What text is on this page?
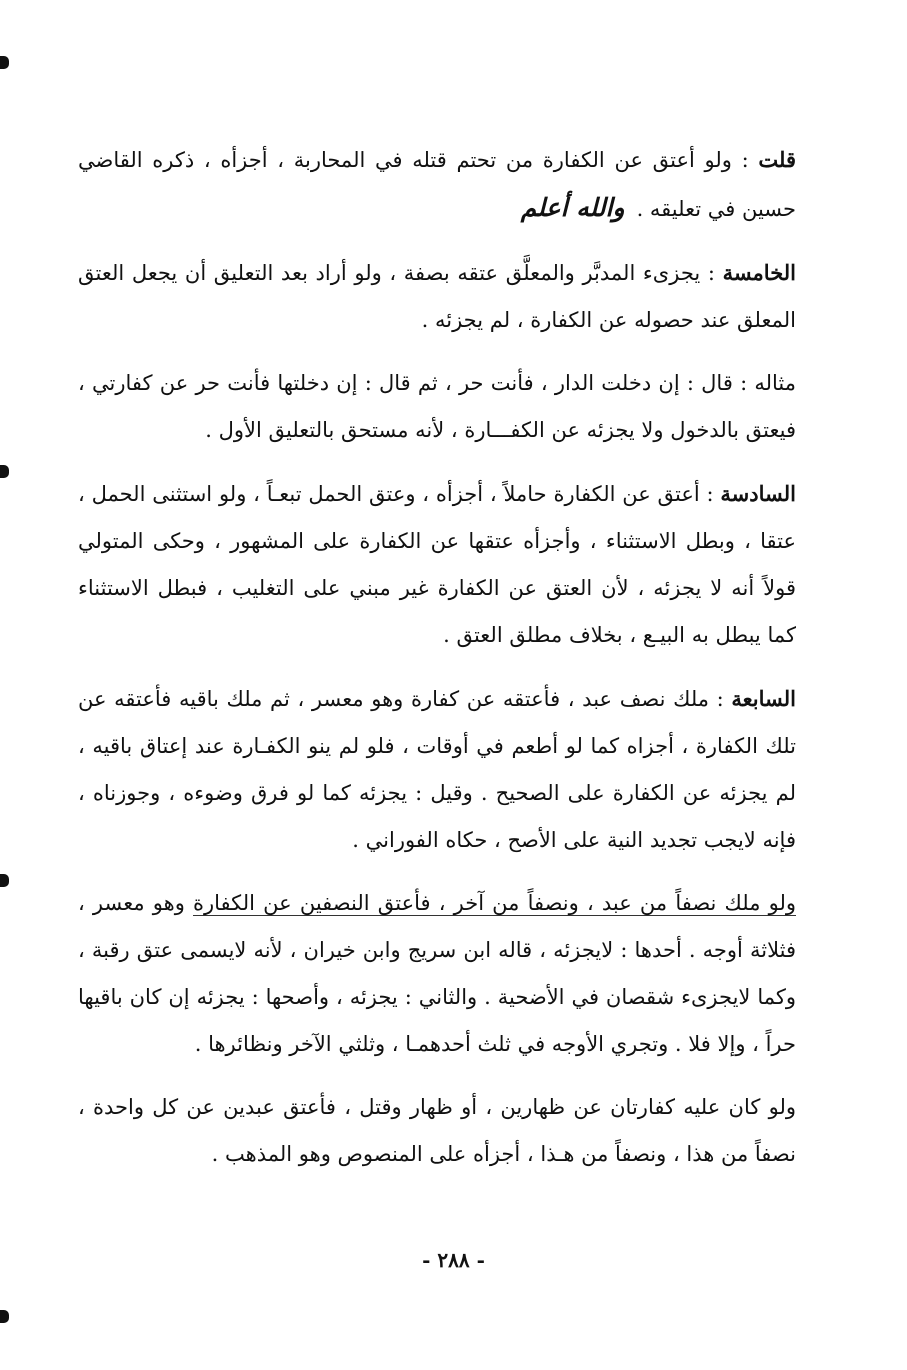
قلت : ولو أعتق عن الكفارة من تحتم قتله في المحاربة ، أجزأه ، ذكره القاضي حسين في تعليقه .والله أعلم

الخامسة : يجزىء المدبَّر والمعلَّق عتقه بصفة ، ولو أراد بعد التعليق أن يجعل العتق المعلق عند حصوله عن الكفارة ، لم يجزئه .

مثاله : قال : إن دخلت الدار ، فأنت حر ، ثم قال : إن دخلتها فأنت حر عن كفارتي ، فيعتق بالدخول ولا يجزئه عن الكفـــارة ، لأنه مستحق بالتعليق الأول .

السادسة : أعتق عن الكفارة حاملاً ، أجزأه ، وعتق الحمل تبعـاً ، ولو استثنى الحمل ، عتقا ، وبطل الاستثناء ، وأجزأه عتقها عن الكفارة على المشهور ، وحكى المتولي قولاً أنه لا يجزئه ، لأن العتق عن الكفارة غير مبني على التغليب ، فبطل الاستثناء كما يبطل به البيـع ، بخلاف مطلق العتق .

السابعة : ملك نصف عبد ، فأعتقه عن كفارة وهو معسر ، ثم ملك باقيه فأعتقه عن تلك الكفارة ، أجزاه كما لو أطعم في أوقات ، فلو لم ينو الكفـارة عند إعتاق باقيه ، لم يجزئه عن الكفارة على الصحيح . وقيل : يجزئه كما لو فرق وضوءه ، وجوزناه ، فإنه لايجب تجديد النية على الأصح ، حكاه الفوراني .

ولو ملك نصفاً من عبد ، ونصفاً من آخر ، فأعتق النصفين عن الكفارة وهو معسر ، فثلاثة أوجه . أحدها : لايجزئه ، قاله ابن سريج وابن خيران ، لأنه لايسمى عتق رقبة ، وكما لايجزىء شقصان في الأضحية . والثاني : يجزئه ، وأصحها : يجزئه إن كان باقيها حراً ، وإلا فلا . وتجري الأوجه في ثلث أحدهمـا ، وثلثي الآخر ونظائرها .

ولو كان عليه كفارتان عن ظهارين ، أو ظهار وقتل ، فأعتق عبدين عن كل واحدة ، نصفاً من هذا ، ونصفاً من هـذا ، أجزأه على المنصوص وهو المذهب .

- ٢٨٨ -
